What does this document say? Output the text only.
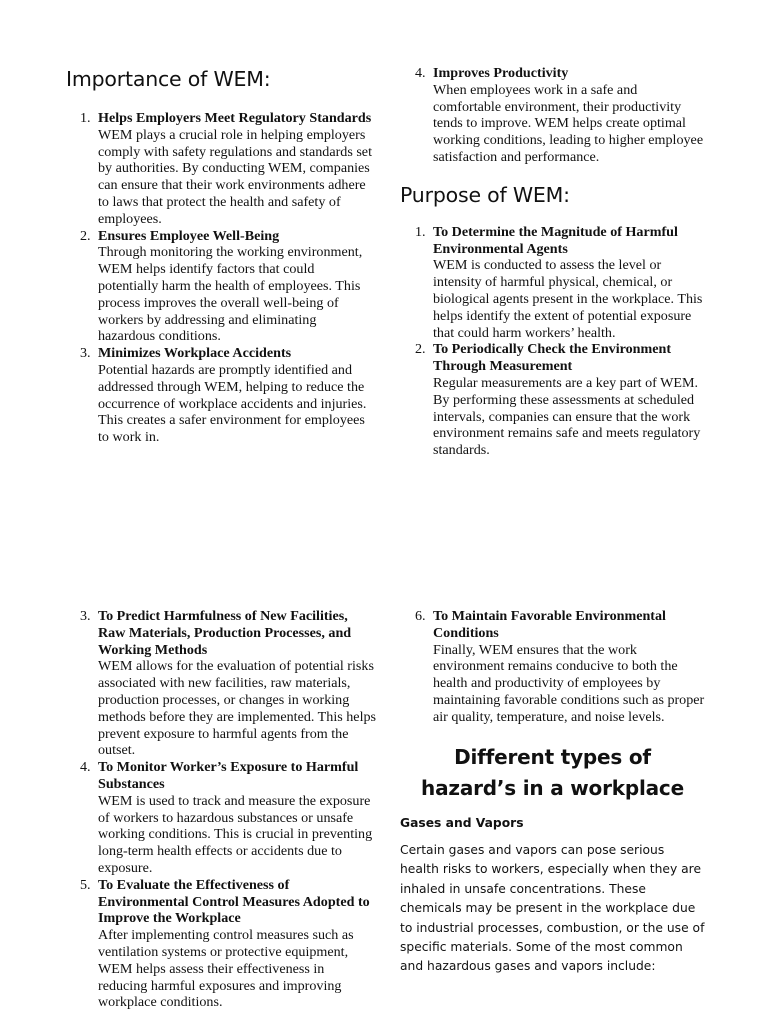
Importance of WEM:
1. Helps Employers Meet Regulatory Standards
WEM plays a crucial role in helping employers comply with safety regulations and standards set by authorities. By conducting WEM, companies can ensure that their work environments adhere to laws that protect the health and safety of employees.
2. Ensures Employee Well-Being
Through monitoring the working environment, WEM helps identify factors that could potentially harm the health of employees. This process improves the overall well-being of workers by addressing and eliminating hazardous conditions.
3. Minimizes Workplace Accidents
Potential hazards are promptly identified and addressed through WEM, helping to reduce the occurrence of workplace accidents and injuries. This creates a safer environment for employees to work in.
4. Improves Productivity
When employees work in a safe and comfortable environment, their productivity tends to improve. WEM helps create optimal working conditions, leading to higher employee satisfaction and performance.
Purpose of WEM:
1. To Determine the Magnitude of Harmful Environmental Agents
WEM is conducted to assess the level or intensity of harmful physical, chemical, or biological agents present in the workplace. This helps identify the extent of potential exposure that could harm workers’ health.
2. To Periodically Check the Environment Through Measurement
Regular measurements are a key part of WEM. By performing these assessments at scheduled intervals, companies can ensure that the work environment remains safe and meets regulatory standards.
3. To Predict Harmfulness of New Facilities, Raw Materials, Production Processes, and Working Methods
WEM allows for the evaluation of potential risks associated with new facilities, raw materials, production processes, or changes in working methods before they are implemented. This helps prevent exposure to harmful agents from the outset.
4. To Monitor Worker’s Exposure to Harmful Substances
WEM is used to track and measure the exposure of workers to hazardous substances or unsafe working conditions. This is crucial in preventing long-term health effects or accidents due to exposure.
5. To Evaluate the Effectiveness of Environmental Control Measures Adopted to Improve the Workplace
After implementing control measures such as ventilation systems or protective equipment, WEM helps assess their effectiveness in reducing harmful exposures and improving workplace conditions.
6. To Maintain Favorable Environmental Conditions
Finally, WEM ensures that the work environment remains conducive to both the health and productivity of employees by maintaining favorable conditions such as proper air quality, temperature, and noise levels.
Different types of hazard’s in a workplace

Gases and Vapors

Certain gases and vapors can pose serious health risks to workers, especially when they are inhaled in unsafe concentrations. These chemicals may be present in the workplace due to industrial processes, combustion, or the use of specific materials. Some of the most common and hazardous gases and vapors include:
